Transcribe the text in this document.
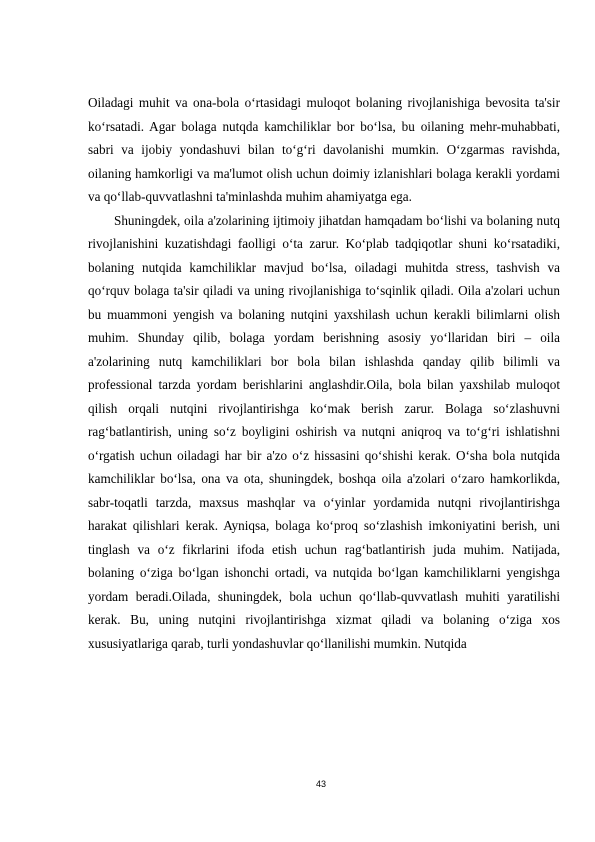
Oiladagi muhit va ona-bola o‘rtasidagi muloqot bolaning rivojlanishiga bevosita ta'sir ko‘rsatadi. Agar bolaga nutqda kamchiliklar bor bo‘lsa, bu oilaning mehr-muhabbati, sabri va ijobiy yondashuvi bilan to‘g‘ri davolanishi mumkin. O‘zgarmas ravishda, oilaning hamkorligi va ma'lumot olish uchun doimiy izlanishlari bolaga kerakli yordami va qo‘llab-quvvatlashni ta'minlashda muhim ahamiyatga ega.

Shuningdek, oila a'zolarining ijtimoiy jihatdan hamqadam bo‘lishi va bolaning nutq rivojlanishini kuzatishdagi faolligi o‘ta zarur. Ko‘plab tadqiqotlar shuni ko‘rsatadiki, bolaning nutqida kamchiliklar mavjud bo‘lsa, oiladagi muhitda stress, tashvish va qo‘rquv bolaga ta'sir qiladi va uning rivojlanishiga to‘sqinlik qiladi. Oila a'zolari uchun bu muammoni yengish va bolaning nutqini yaxshilash uchun kerakli bilimlarni olish muhim. Shunday qilib, bolaga yordam berishning asosiy yo‘llaridan biri – oila a'zolarining nutq kamchiliklari bor bola bilan ishlashda qanday qilib bilimli va professional tarzda yordam berishlarini anglashdir.Oila, bola bilan yaxshilab muloqot qilish orqali nutqini rivojlantirishga ko‘mak berish zarur. Bolaga so‘zlashuvni rag‘batlantirish, uning so‘z boyligini oshirish va nutqni aniqroq va to‘g‘ri ishlatishni o‘rgatish uchun oiladagi har bir a'zo o‘z hissasini qo‘shishi kerak. O‘sha bola nutqida kamchiliklar bo‘lsa, ona va ota, shuningdek, boshqa oila a'zolari o‘zaro hamkorlikda, sabr-toqatli tarzda, maxsus mashqlar va o‘yinlar yordamida nutqni rivojlantirishga harakat qilishlari kerak. Ayniqsa, bolaga ko‘proq so‘zlashish imkoniyatini berish, uni tinglash va o‘z fikrlarini ifoda etish uchun rag‘batlantirish juda muhim. Natijada, bolaning o‘ziga bo‘lgan ishonchi ortadi, va nutqida bo‘lgan kamchiliklarni yengishga yordam beradi.Oilada, shuningdek, bola uchun qo‘llab-quvvatlash muhiti yaratilishi kerak. Bu, uning nutqini rivojlantirishga xizmat qiladi va bolaning o‘ziga xos xususiyatlariga qarab, turli yondashuvlar qo‘llanilishi mumkin. Nutqida

43
